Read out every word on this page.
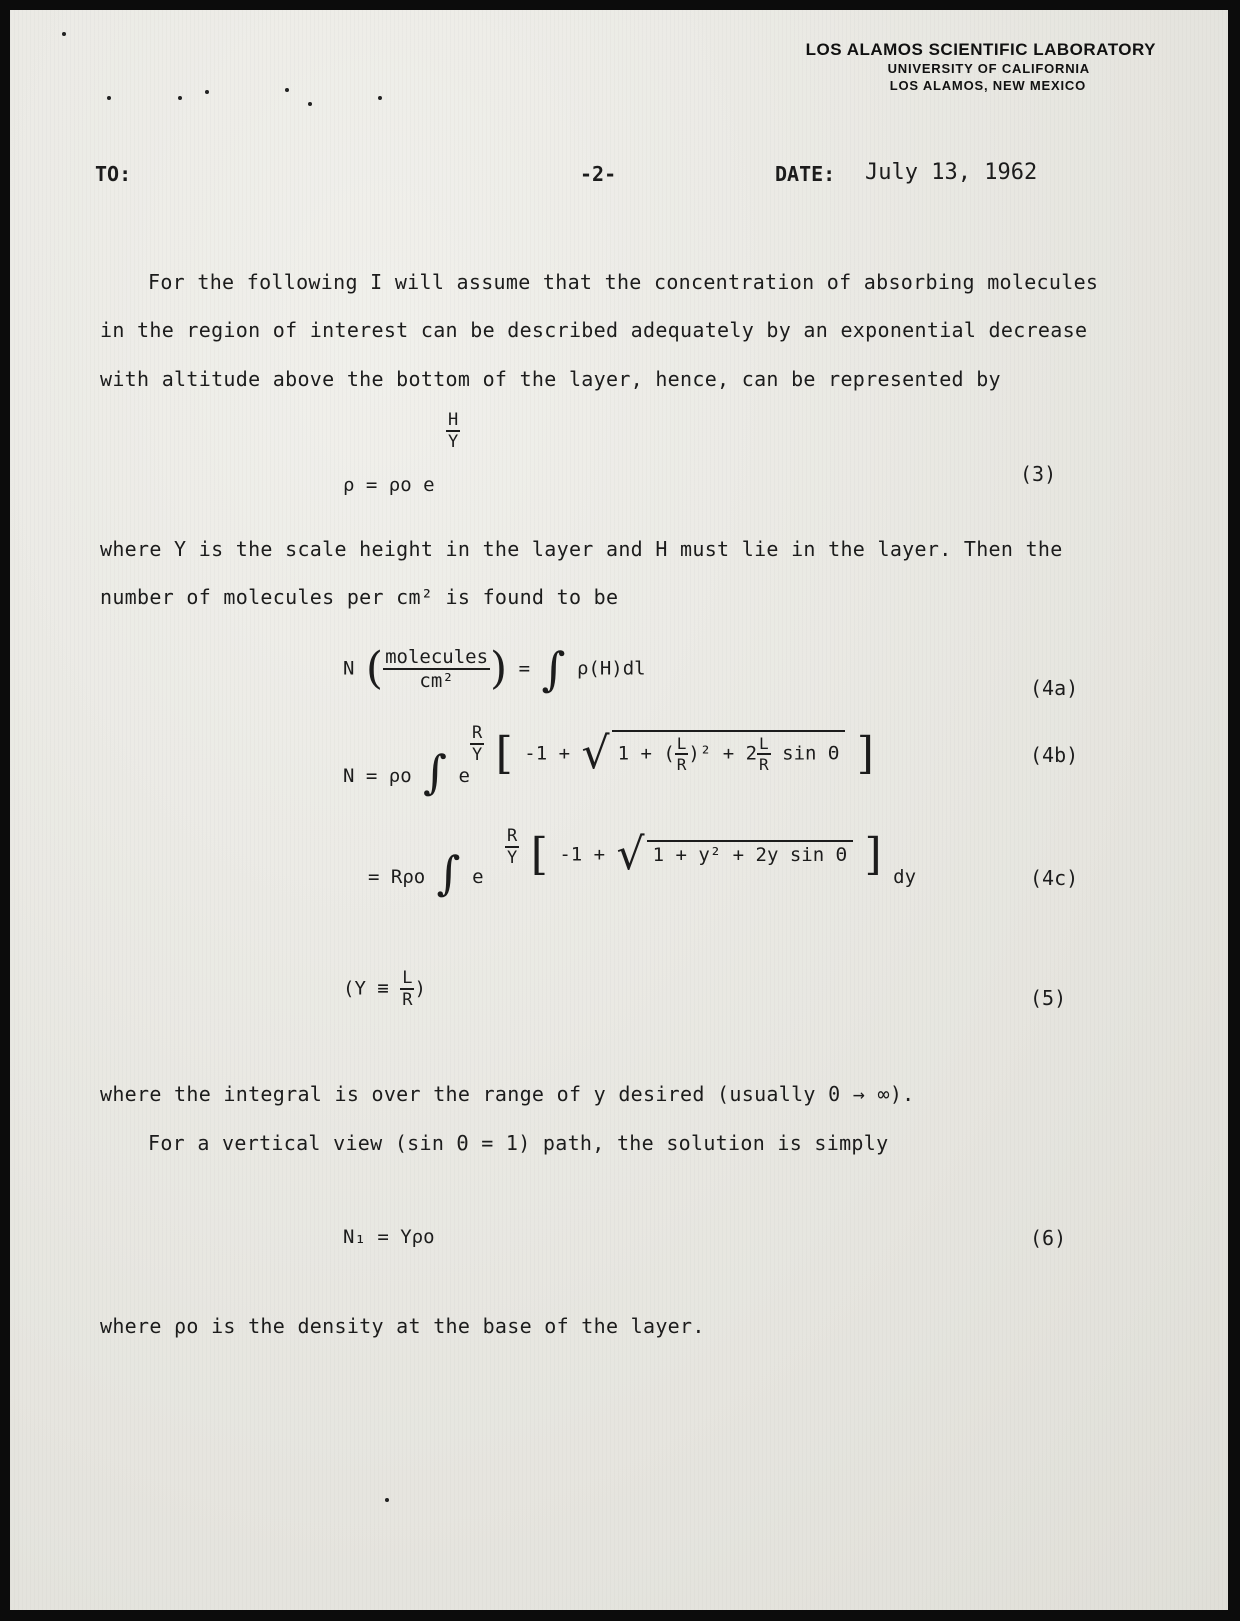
LOS ALAMOS SCIENTIFIC LABORATORY
UNIVERSITY OF CALIFORNIA
LOS ALAMOS, NEW MEXICO
TO:	-2-	DATE: July 13, 1962
For the following I will assume that the concentration of absorbing molecules
in the region of interest can be described adequately by an exponential decrease
with altitude above the bottom of the layer, hence, can be represented by
ρ = ρo e
$\frac{H}{Y}$
(3)
where Y is the scale height in the layer and H must lie in the layer. Then the
number of molecules per cm² is found to be
N ( $\frac{\text{molecules}}{\text{cm²}}$ ) = ∫ ρ(H)dl
(4a)
N = ρo ∫ e
$\frac{R}{Y}$ [ -1 + √ 1 + ( $\frac{L}{R} )^2 + 2 \frac{L}{R}$ sin Θ ]	(4b)
= Rρo ∫ e
$\frac{R}{Y}$ [ -1 + √ 1 + y² + 2y sin Θ ] dy	(4c)
($Y \equiv \frac{L}{R}$ )	(5)
where the integral is over the range of y desired (usually 0 → ∞).
For a vertical view (sin Θ = 1) path, the solution is simply
N₁ = Yρo	(6)
where ρo is the density at the base of the layer.
